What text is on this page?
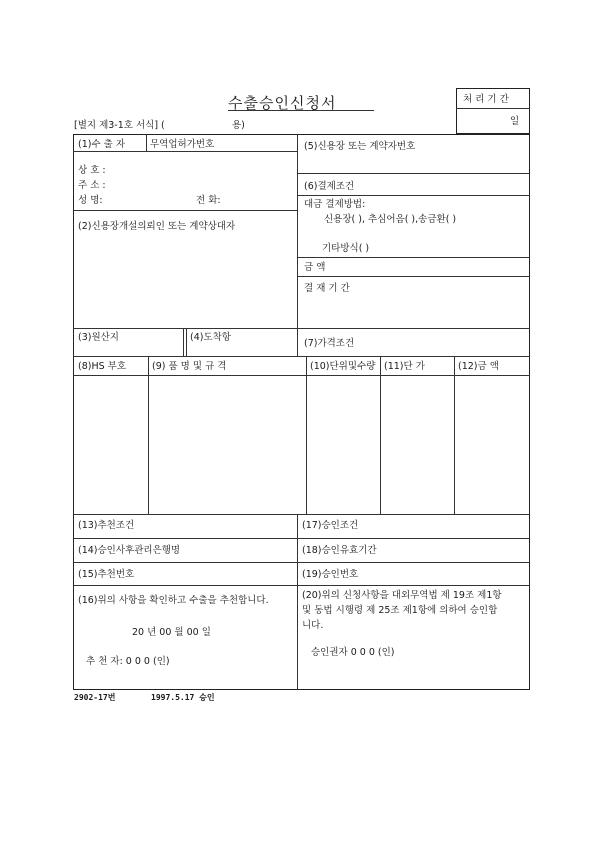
수출승인신청서
[별지 제3-1호 서식] (	용)
처 리 기 간
일
(1)수 출 자	무역업허가번호
상 호 :
주 소 :
성 명:	전 화:
(2)신용장개설의뢰인 또는 계약상대자
(5)신용장 또는 계약자번호
(6)결제조건
대금 결제방법:
신용장( ), 추심어음( ),송금환( )
기타방식( )
금 액
결 재 기 간
(3)원산지	(4)도착항
(7)가격조건
(8)HS 부호	(9) 품 명 및 규 격	(10)단위및수량 (11)단 가	(12)금 액
(13)추천조건	(17)승인조건
(14)승인사후관리은행명	(18)승인유효기간
(15)추천번호	(19)승인번호
(16)위의 사항을 확인하고 수출을 추천합니다.
20 년 00 월 00 일
추 천 자: 0 0 0 (인)
(20)위의 신청사항을 대외무역법 제 19조 제1항
및 동법 시행령 제 25조 제1항에 의하여 승인합
니다.
승인권자 0 0 0 (인)
2902-17번	1997.5.17 승인
